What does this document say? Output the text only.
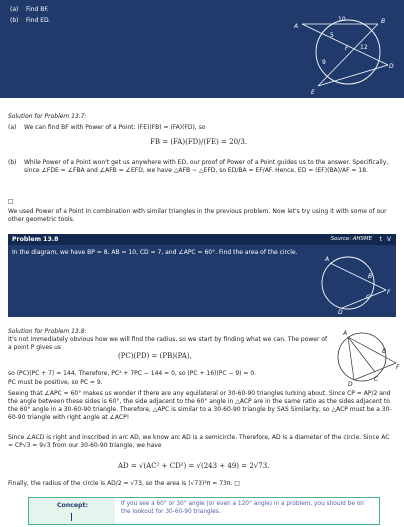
(a) Find BF.
(b) Find ED.
A
B
D
E
F
10
5
12
9
Solution for Problem 13.7:
(a) We can find BF with Power of a Point: (FE)(FB) = (FA)(FD), so
FB = (FA)(FD)/(FE) = 20/3.
(b) While Power of a Point won't get us anywhere with ED, our proof of Power of a Point guides us to the answer. Specifically, since ∠FDE = ∠FBA and ∠AFB = ∠EFD, we have △AFB ∼ △EFD, so ED/BA = EF/AF. Hence, ED = (EF)(BA)/AF = 18.
□
We used Power of a Point in combination with similar triangles in the previous problem. Now let's try using it with some of our other geometric tools.
Problem 13.8	Source: AHSME t V
In the diagram, we have BP = 8, AB = 10, CD = 7, and ∠APC = 60°. Find the area of the circle.
A
B
C
D
F
Solution for Problem 13.8:
It's not immediately obvious how we will find the radius, so we start by finding what we can. The power of a point P gives us
(PC)(PD) = (PB)(PA),
A
B
C
D
F
so (PC)(PC + 7) = 144. Therefore, PC² + 7PC − 144 = 0, so (PC + 16)(PC − 9) = 0.
PC must be positive, so PC = 9.
Seeing that ∠APC = 60° makes us wonder if there are any equilateral or 30-60-90 triangles lurking about. Since CP = AP/2 and the angle between these sides is 60°, the side adjacent to the 60° angle in △ACP are in the same ratio as the sides adjacent to the 60° angle in a 30-60-90 triangle. Therefore, △APC is similar to a 30-60-90 triangle by SAS Similarity, so △ACP must be a 30-60-90 triangle with right angle at ∠ACP!
Since ∠ACD is right and inscribed in arc AD, we know arc AD is a semicircle. Therefore, AD is a diameter of the circle. Since AC = CP√3 = 9√3 from our 30-60-90 triangle, we have
AD = √(AC² + CD²) = √(243 + 49) = 2√73.
Finally, the radius of the circle is AD/2 = √73, so the area is (√73)²π = 73π. □
Concept:	If you see a 60° or 30° angle (or even a 120° angle) in a problem, you should be on the lookout for 30-60-90 triangles.
